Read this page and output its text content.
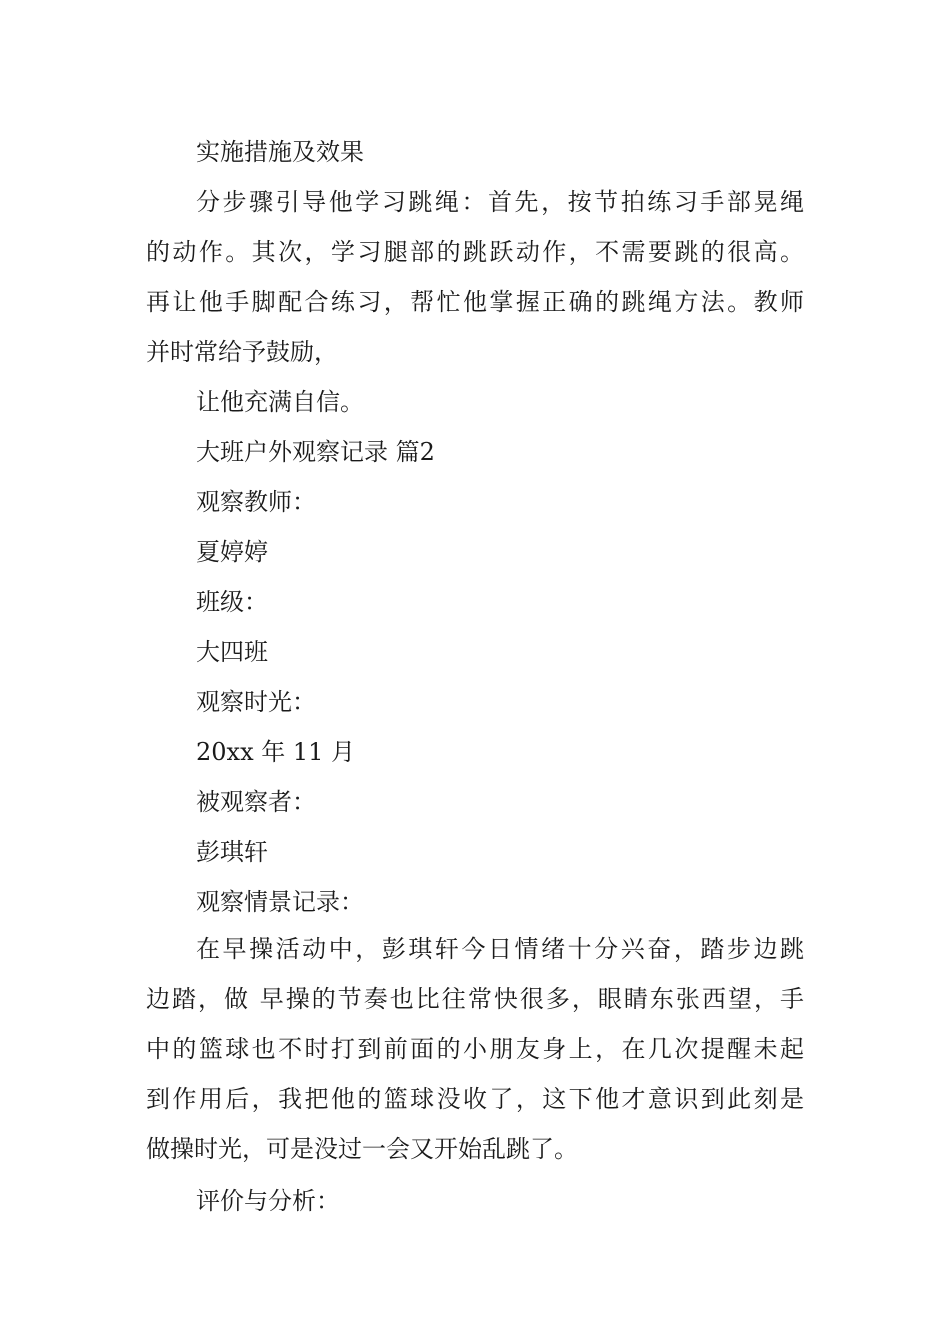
实施措施及效果

分步骤引导他学习跳绳：首先，按节拍练习手部晃绳

的动作。其次，学习腿部的跳跃动作，不需要跳的很高。

再让他手脚配合练习，帮忙他掌握正确的跳绳方法。教师

并时常给予鼓励，

让他充满自信。

大班户外观察记录 篇2

观察教师：

夏婷婷

班级：

大四班

观察时光：

20xx 年 11 月

被观察者：

彭琪轩

观察情景记录：

在早操活动中，彭琪轩今日情绪十分兴奋，踏步边跳

边踏，做 早操的节奏也比往常快很多，眼睛东张西望，手

中的篮球也不时打到前面的小朋友身上，在几次提醒未起

到作用后，我把他的篮球没收了，这下他才意识到此刻是

做操时光，可是没过一会又开始乱跳了。

评价与分析：
